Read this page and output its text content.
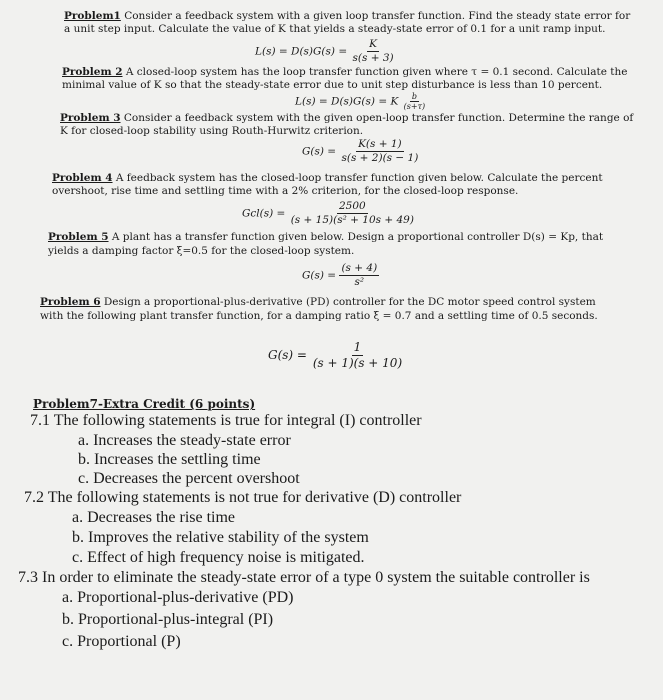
Problem1 Consider a feedback system with a given loop transfer function. Find the steady state error for
a unit step input. Calculate the value of K that yields a steady-state error of 0.1 for a unit ramp input.
$L(s) = D(s)G(s) = \frac{K}{s(s + 3)}$
Problem 2 A closed-loop system has the loop transfer function given where τ = 0.1 second. Calculate the
minimal value of K so that the steady-state error due to unit step disturbance is less than 10 percent.
L(s) = D(s)G(s) = K $\frac{b}{(s+\tau)}$
Problem 3 Consider a feedback system with the given open-loop transfer function. Determine the range of
K for closed-loop stability using Routh-Hurwitz criterion.
$G(s) = \frac{K(s + 1)}{s(s + 2)(s - 1)}$
Problem 4 A feedback system has the closed-loop transfer function given below. Calculate the percent
overshoot, rise time and settling time with a 2% criterion, for the closed-loop response.
$Gcl(s) = \frac{2500}{\text{(s + 15)(s² + 10s + 49)}}$
Problem 5 A plant has a transfer function given below. Design a proportional controller D(s) = Kp, that
yields a damping factor ξ=0.5 for the closed-loop system.
$G(s) = \frac{(s + 4)}{\text{s²}}$
Problem 6 Design a proportional-plus-derivative (PD) controller for the DC motor speed control system
with the following plant transfer function, for a damping ratio ξ = 0.7 and a settling time of 0.5 seconds.
$G(s) = \frac{1}{(s + 1)(s + 10)}$
Problem7-Extra Credit (6 points)
7.1 The following statements is true for integral (I) controller
a. Increases the steady-state error
b. Increases the settling time
c. Decreases the percent overshoot
7.2 The following statements is not true for derivative (D) controller
a. Decreases the rise time
b. Improves the relative stability of the system
c. Effect of high frequency noise is mitigated.
7.3 In order to eliminate the steady-state error of a type 0 system the suitable controller is
a. Proportional-plus-derivative (PD)
b. Proportional-plus-integral (PI)
c. Proportional (P)
